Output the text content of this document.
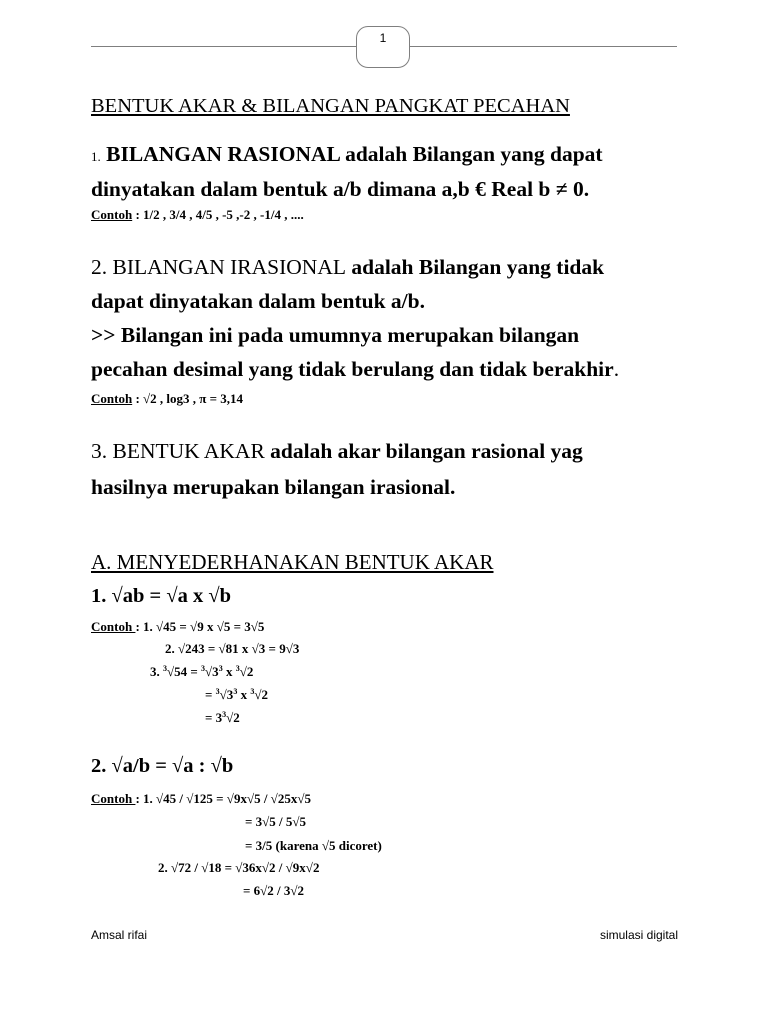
1
BENTUK AKAR & BILANGAN PANGKAT PECAHAN
1. BILANGAN RASIONAL adalah Bilangan yang dapat
dinyatakan dalam bentuk a/b dimana a,b € Real b ≠ 0.
Contoh : 1/2 , 3/4 , 4/5 , -5 ,-2 , -1/4 , ....
2. BILANGAN IRASIONAL adalah Bilangan yang tidak
dapat dinyatakan dalam bentuk a/b.
>> Bilangan ini pada umumnya merupakan bilangan
pecahan desimal yang tidak berulang dan tidak berakhir.
Contoh : √2 , log3 , π = 3,14
3. BENTUK AKAR adalah akar bilangan rasional yag
hasilnya merupakan bilangan irasional.
A. MENYEDERHANAKAN BENTUK AKAR
1. √ab = √a x √b
Contoh : 1. √45 = √9 x √5 = 3√5
2. √243 = √81 x √3 = 9√3
3. $^3√54 = ^3√3^3$ x $^3$√2
= $^3√3^3$ x $^3$√2
= $3^3√2$
2. √a/b = √a : √b
Contoh : 1. √45 / √125 = √9x√5 / √25x√5
= 3√5 / 5√5
= 3/5 (karena √5 dicoret)
2. √72 / √18 = √36x√2 / √9x√2
= 6√2 / 3√2
Amsal rifai	simulasi digital
